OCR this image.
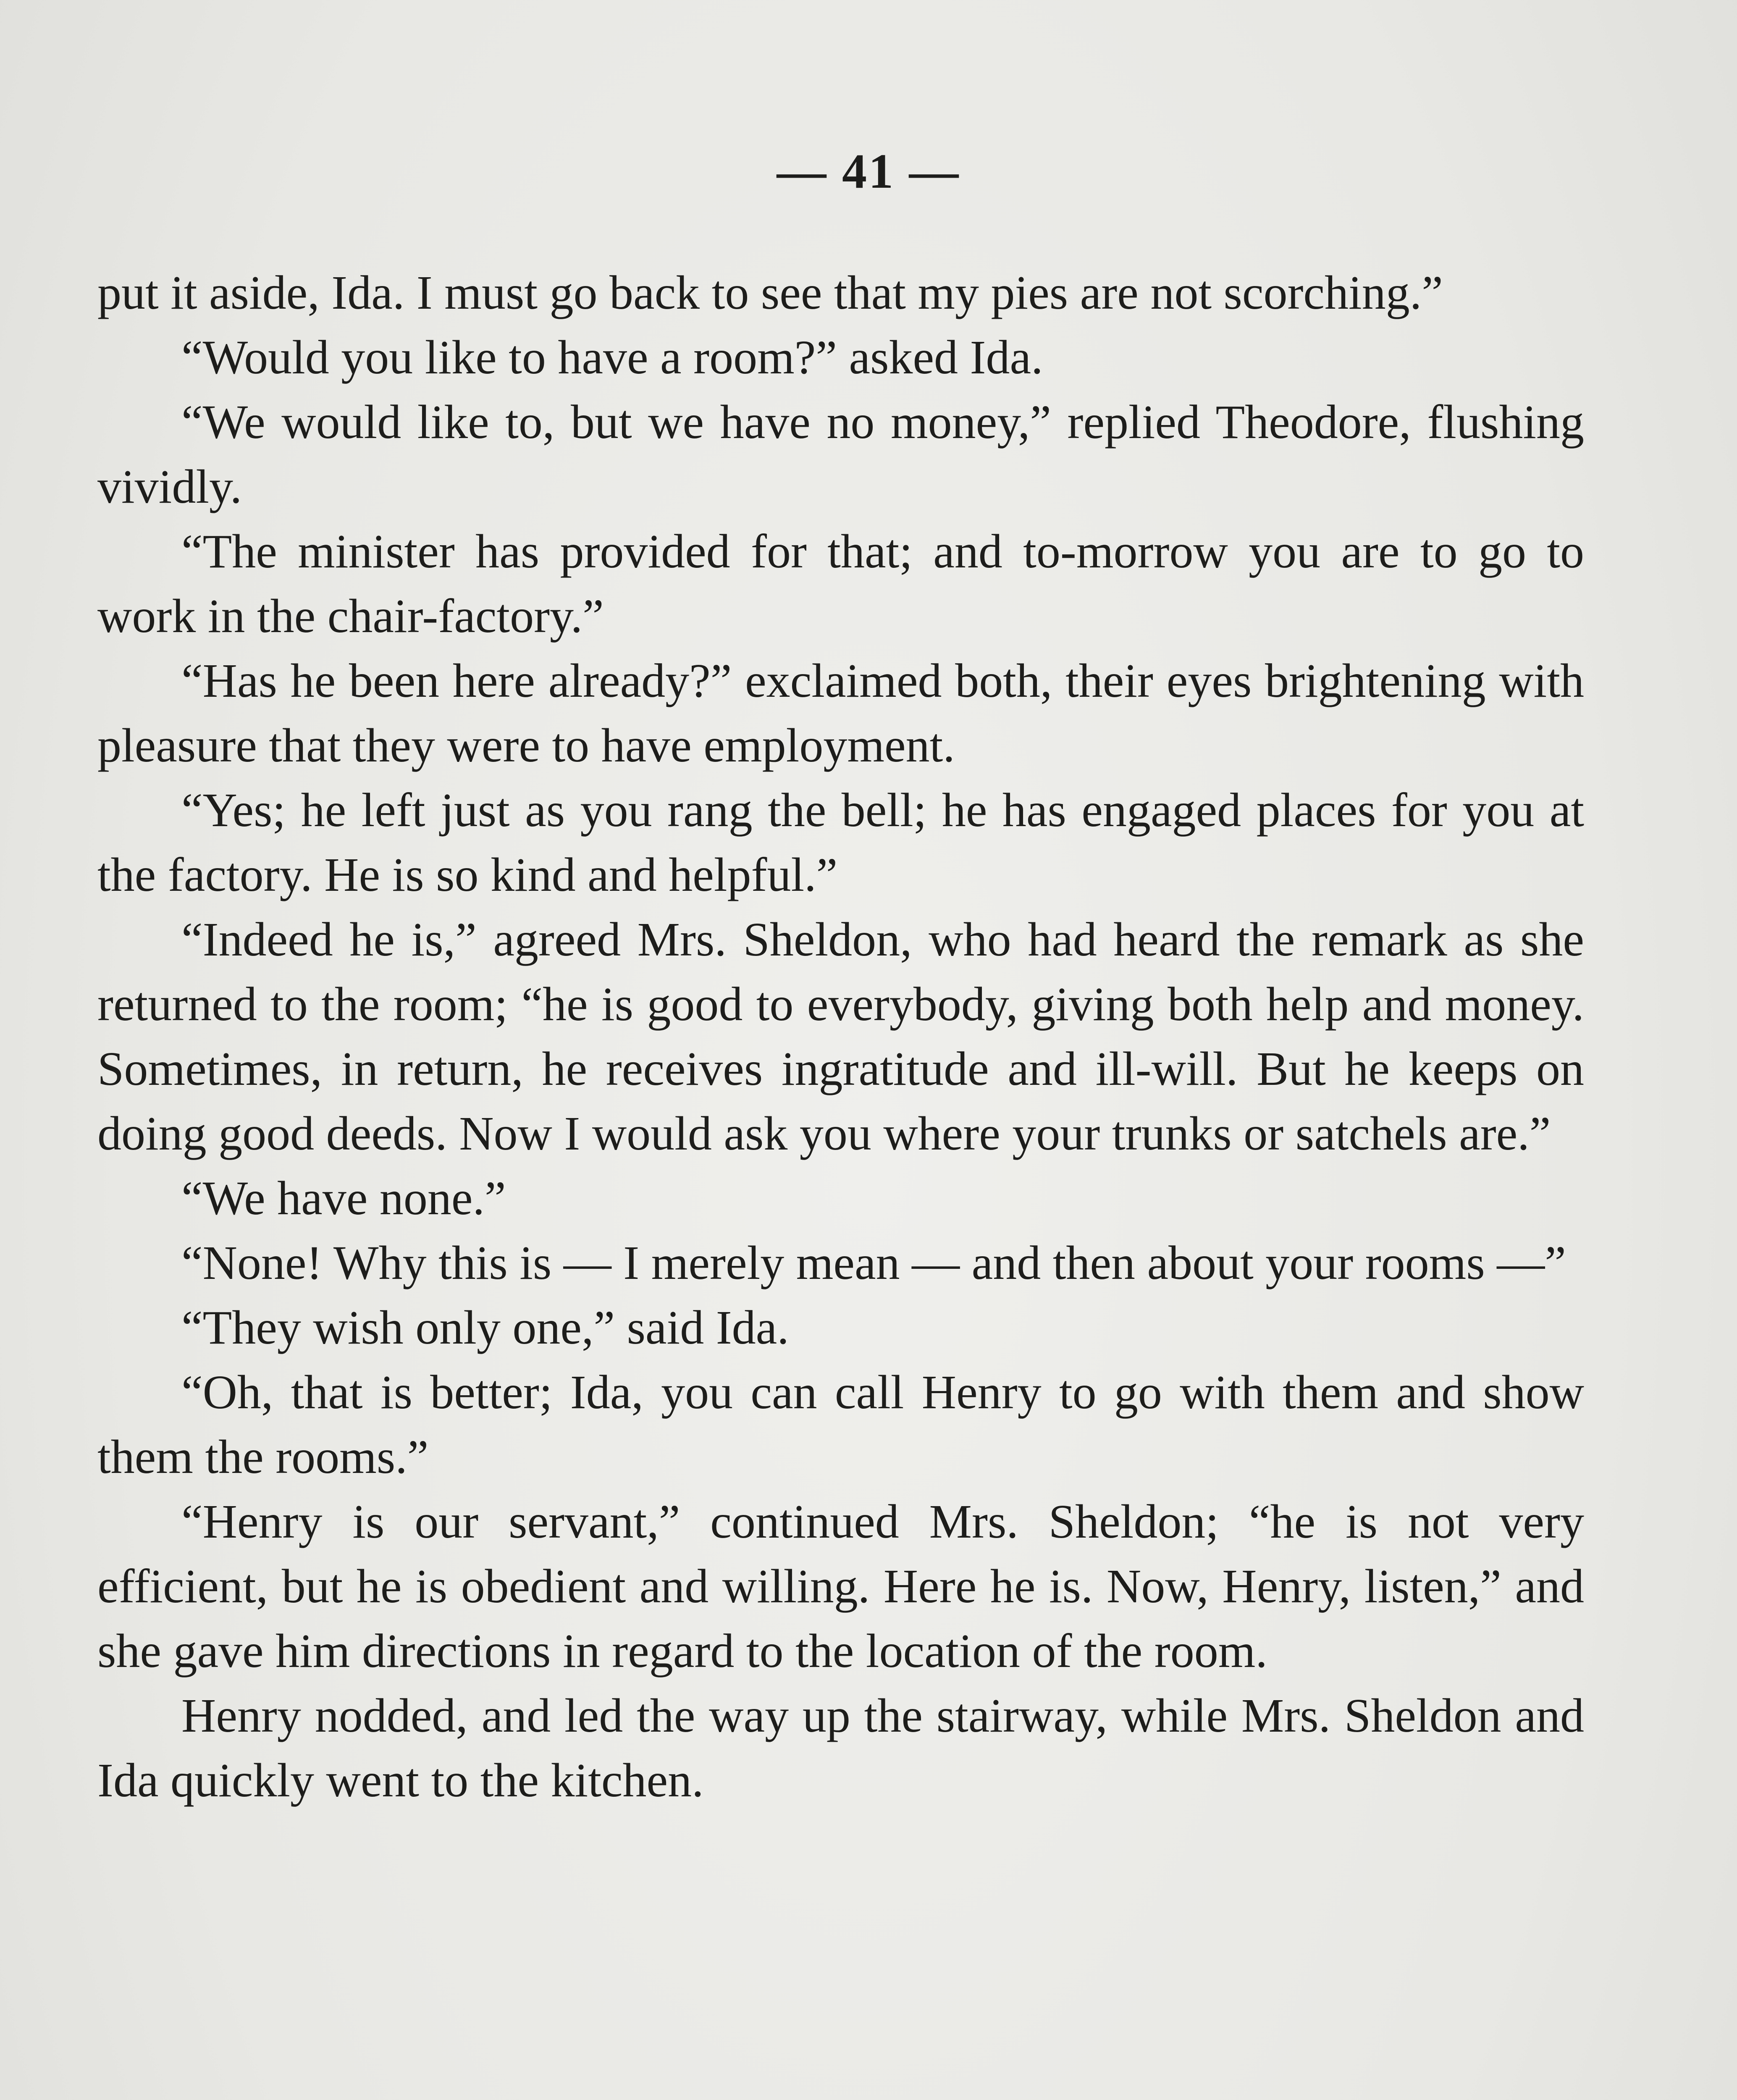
— 41 —

put it aside, Ida. I must go back to see that my pies are not scorching.”

“Would you like to have a room?” asked Ida.

“We would like to, but we have no money,” replied Theodore, flushing vividly.

“The minister has provided for that; and to-morrow you are to go to work in the chair-factory.”

“Has he been here already?” exclaimed both, their eyes brightening with pleasure that they were to have employment.

“Yes; he left just as you rang the bell; he has engaged places for you at the factory. He is so kind and helpful.”

“Indeed he is,” agreed Mrs. Sheldon, who had heard the remark as she returned to the room; “he is good to everybody, giving both help and money. Sometimes, in return, he receives ingratitude and ill-will. But he keeps on doing good deeds. Now I would ask you where your trunks or satchels are.”

“We have none.”

“None! Why this is — I merely mean — and then about your rooms —”

“They wish only one,” said Ida.

“Oh, that is better; Ida, you can call Henry to go with them and show them the rooms.”

“Henry is our servant,” continued Mrs. Sheldon; “he is not very efficient, but he is obedient and willing. Here he is. Now, Henry, listen,” and she gave him directions in regard to the location of the room.

Henry nodded, and led the way up the stairway, while Mrs. Sheldon and Ida quickly went to the kitchen.
